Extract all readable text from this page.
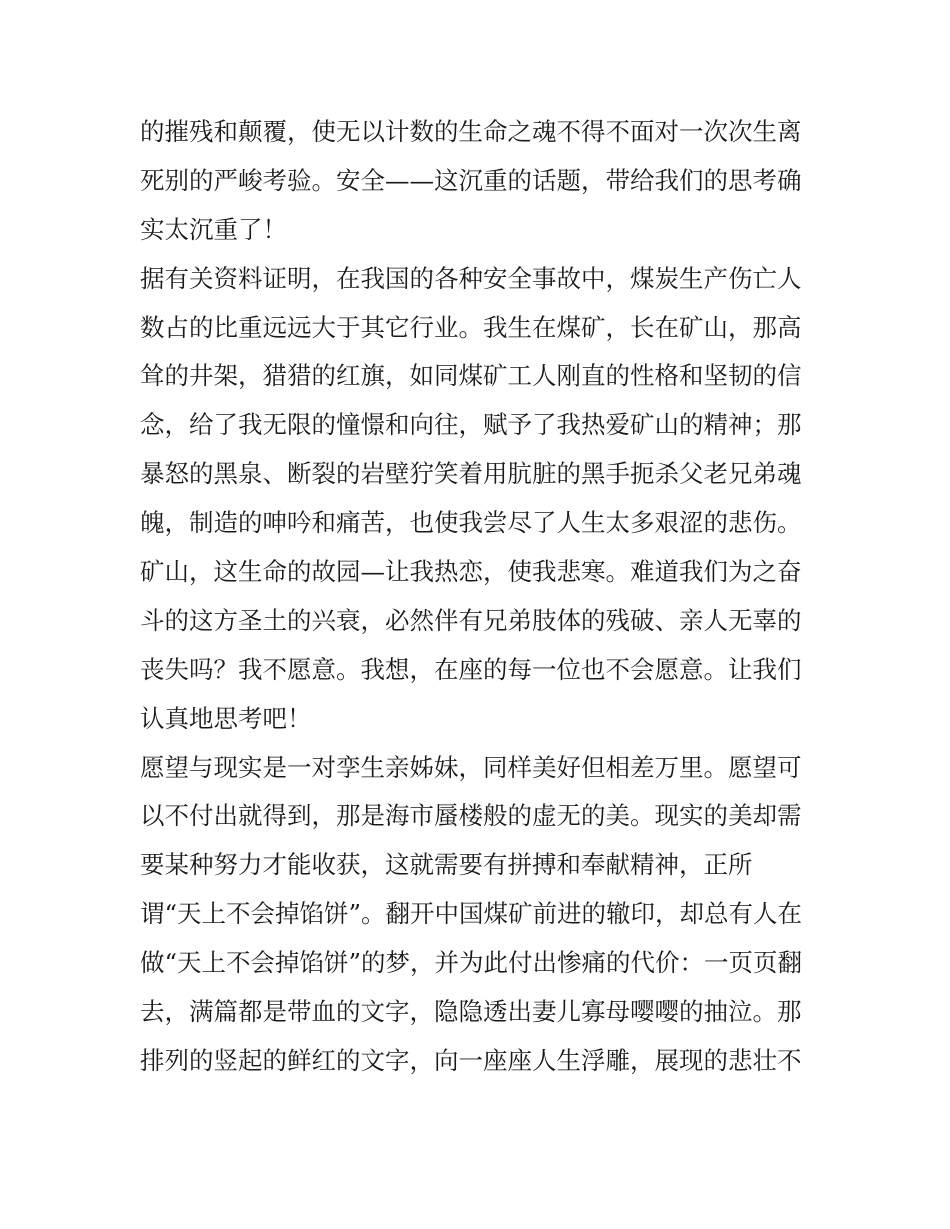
的摧残和颠覆，使无以计数的生命之魂不得不面对一次次生离
死别的严峻考验。安全——这沉重的话题，带给我们的思考确
实太沉重了！
据有关资料证明，在我国的各种安全事故中，煤炭生产伤亡人
数占的比重远远大于其它行业。我生在煤矿，长在矿山，那高
耸的井架，猎猎的红旗，如同煤矿工人刚直的性格和坚韧的信
念，给了我无限的憧憬和向往，赋予了我热爱矿山的精神；那
暴怒的黑泉、断裂的岩壁狞笑着用肮脏的黑手扼杀父老兄弟魂
魄，制造的呻吟和痛苦，也使我尝尽了人生太多艰涩的悲伤。
矿山，这生命的故园—让我热恋，使我悲寒。难道我们为之奋
斗的这方圣土的兴衰，必然伴有兄弟肢体的残破、亲人无辜的
丧失吗？我不愿意。我想，在座的每一位也不会愿意。让我们
认真地思考吧！
愿望与现实是一对孪生亲姊妹，同样美好但相差万里。愿望可
以不付出就得到，那是海市蜃楼般的虚无的美。现实的美却需
要某种努力才能收获，这就需要有拼搏和奉献精神，正所
谓“天上不会掉馅饼”。翻开中国煤矿前进的辙印，却总有人在
做“天上不会掉馅饼”的梦，并为此付出惨痛的代价：一页页翻
去，满篇都是带血的文字，隐隐透出妻儿寡母嘤嘤的抽泣。那
排列的竖起的鲜红的文字，向一座座人生浮雕，展现的悲壮不
